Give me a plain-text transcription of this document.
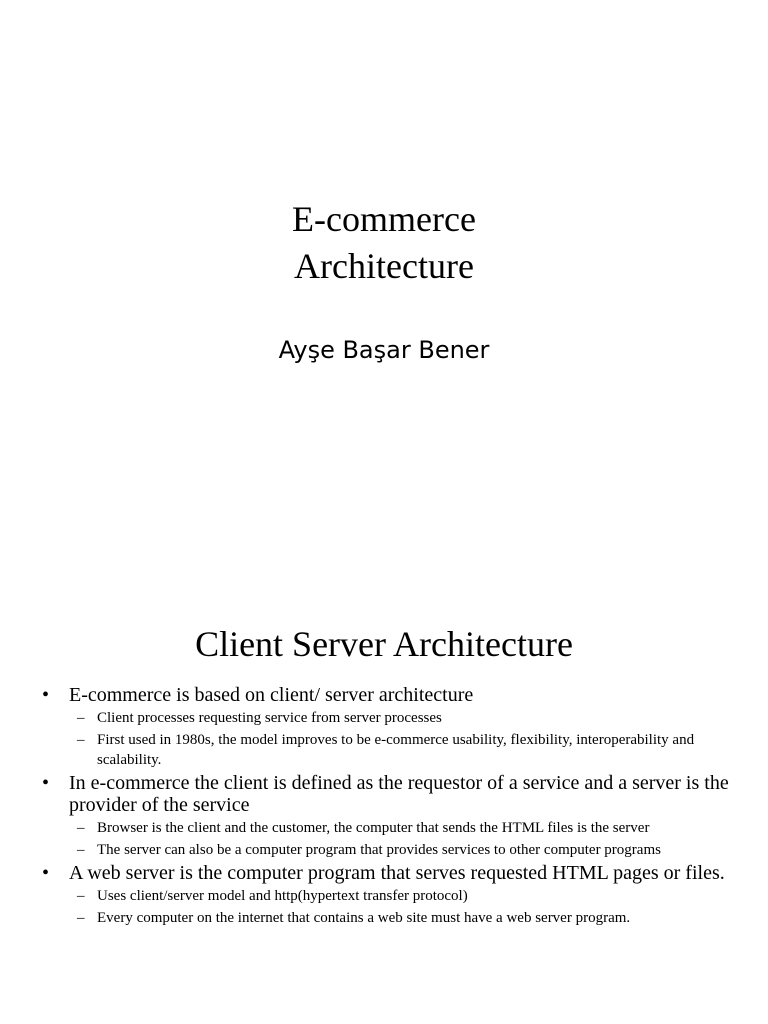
E-commerce
Architecture
Ayşe Başar Bener
Client Server Architecture
• E-commerce is based on client/ server architecture
– Client processes requesting service from server processes
– First used in 1980s, the model improves to be e-commerce usability, flexibility, interoperability and scalability.
• In e-commerce the client is defined as the requestor of a service and a server is the provider of the service
– Browser is the client and the customer, the computer that sends the HTML files is the server
– The server can also be a computer program that provides services to other computer programs
• A web server is the computer program that serves requested HTML pages or files.
– Uses client/server model and http(hypertext transfer protocol)
– Every computer on the internet that contains a web site must have a web server program.
